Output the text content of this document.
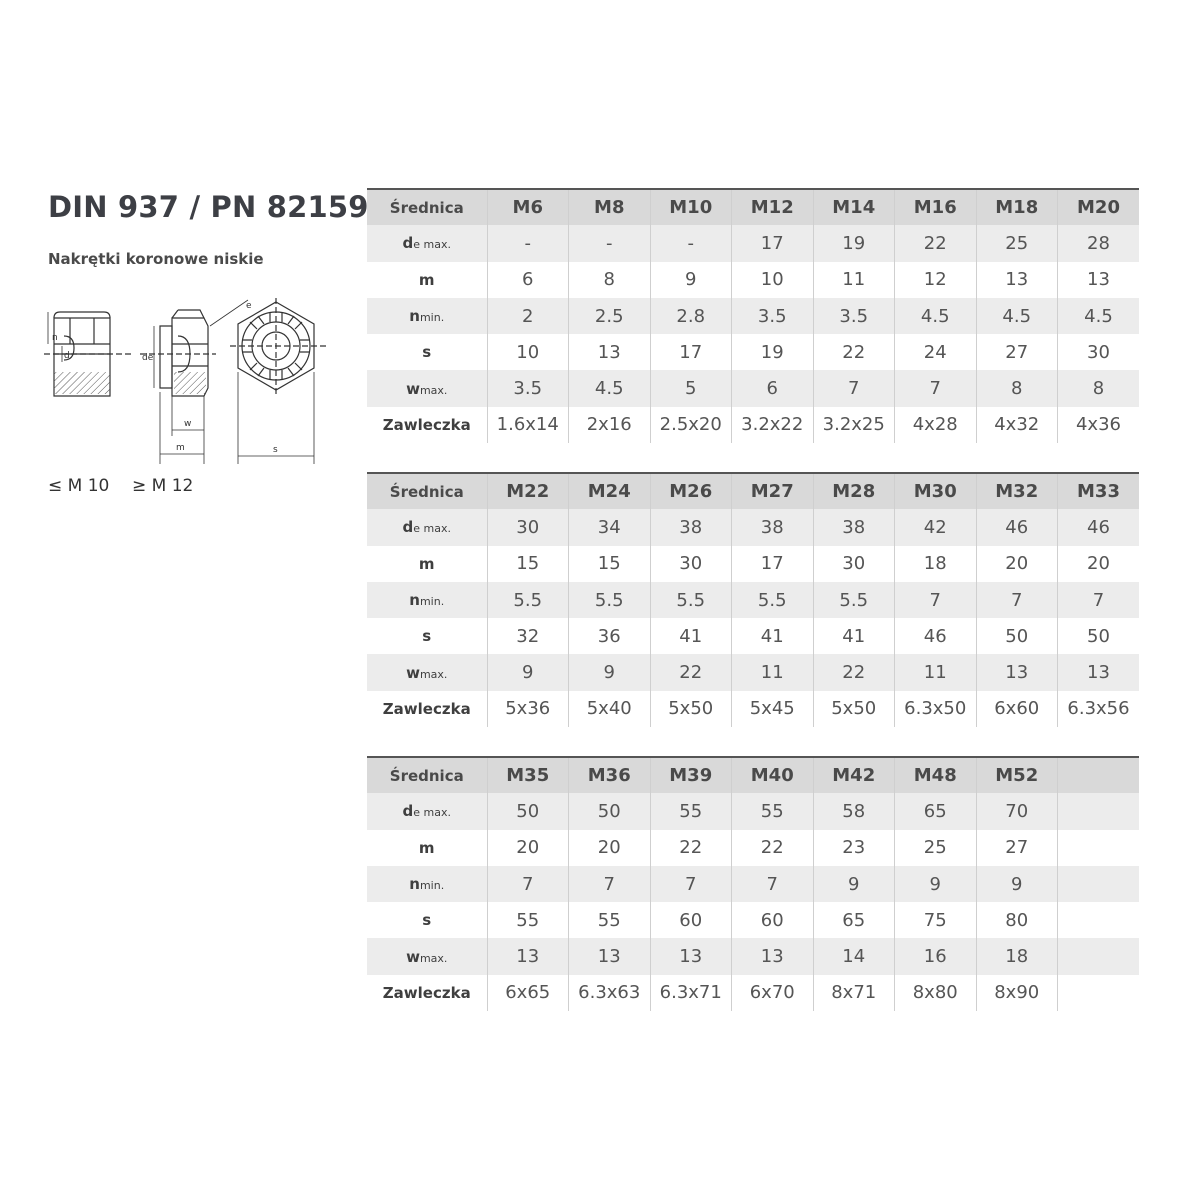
DIN 937 / PN 82159
Nakrętki koronowe niskie
n
d	de
w
m
e
s
≤ M 10 ≥ M 12
Średnica	M6	M8	M10	M12	M14	M16	M18	M20
de max.	-	-	-	17	19	22	25	28
m	6	8	9	10	11	12	13	13
nmin.	2	2.5	2.8	3.5	3.5	4.5	4.5	4.5
s	10	13	17	19	22	24	27	30
wmax.	3.5	4.5	5	6	7	7	8	8
Zawleczka	1.6x14	2x16	2.5x20	3.2x22	3.2x25	4x28	4x32	4x36
Średnica	M22	M24	M26	M27	M28	M30	M32	M33
de max.	30	34	38	38	38	42	46	46
m	15	15	30	17	30	18	20	20
nmin.	5.5	5.5	5.5	5.5	5.5	7	7	7
s	32	36	41	41	41	46	50	50
wmax.	9	9	22	11	22	11	13	13
Zawleczka	5x36	5x40	5x50	5x45	5x50	6.3x50	6x60	6.3x56
Średnica	M35	M36	M39	M40	M42	M48	M52	
de max.	50	50	55	55	58	65	70	
m	20	20	22	22	23	25	27	
nmin.	7	7	7	7	9	9	9	
s	55	55	60	60	65	75	80	
wmax.	13	13	13	13	14	16	18	
Zawleczka	6x65	6.3x63	6.3x71	6x70	8x71	8x80	8x90	
